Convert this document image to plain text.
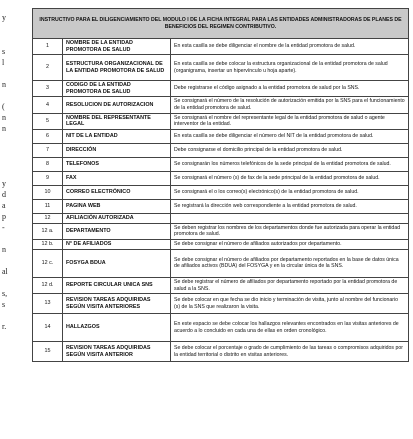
y
s
l
n
(
n
n
y
d
a
p
-
n
al
s,
s
r.
INSTRUCTIVO PARA EL DILIGENCIAMIENTO DEL MODULO I DE LA FICHA INTEGRAL PARA LAS ENTIDADES ADMINISTRADORAS DE PLANES DE BENEFICIOS DEL REGIMEN CONTRIBUTIVO.		
1	NOMBRE DE LA ENTIDAD PROMOTORA DE SALUD	En esta casilla se debe diligenciar el nombre de la entidad promotora de salud.
2	ESTRUCTURA ORGANIZACIONAL DE LA ENTIDAD PROMOTORA DE SALUD	En esta casilla se debe colocar la estructura organizacional de la entidad promotora de salud (organigrama, insertar un hipervínculo u hoja aparte).
3	CODIGO DE LA ENTIDAD PROMOTORA DE SALUD	Debe registrarse el código asignado a la entidad promotora de salud por la SNS.
4	RESOLUCION DE AUTORIZACION	Se consignará el número de la resolución de autorización emitida por la SNS para el funcionamiento de la entidad promotora de salud.
5	NOMBRE DEL REPRESENTANTE LEGAL	Se consignará el nombre del representante legal de la entidad promotora de salud o agente interventor de la entidad.
6	NIT DE LA ENTIDAD	En esta casilla se debe diligenciar el número del NIT de la entidad promotora de salud.
7	DIRECCIÓN	Debe consignarse el domicilio principal de la entidad promotora de salud.
8	TELEFONOS	Se consignarán los números telefónicos de la sede principal de la entidad promotora de salud.
9	FAX	Se consignará el número (s) de fax de la sede principal de la entidad promotora de salud.
10	CORREO ELECTRÓNICO	Se consignará el o los correo(s) electrónico(s) de la entidad promotora de salud.
11	PAGINA WEB	Se registrará la dirección web correspondiente a la entidad promotora de salud.
12	AFILIACIÓN AUTORIZADA	
12 a.	DEPARTAMENTO	Se deben registrar los nombres de los departamentos donde fue autorizada para operar la entidad promotora de salud.
12 b.	N° DE AFILIADOS	Se debe consignar el número de afiliados autorizados por departamento.
12 c.	FOSYGA BDUA	Se debe consignar el número de afiliados por departamento reportados en la base de datos única de afiliados activos (BDUA) del FOSYGA y en la circular única de la SNS.
12 d.	REPORTE CIRCULAR UNICA SNS	Se debe registrar el número de afiliados por departamento reportado por la entidad promotora de salud a la SNS.
13	REVISION TAREAS ADQUIRIDAS SEGÚN VISITA ANTERIORES	Se debe colocar en que fecha se dio inicio y terminación de visita, junto al nombre del funcionario (s) de la SNS que realizaron la visita.
14	HALLAZGOS	En este espacio se debe colocar los hallazgos relevantes encontrados en las visitas anteriores de acuerdo a lo concluido en cada una de ellas en orden cronológico.
15	REVISION TAREAS ADQUIRIDAS SEGÚN VISITA ANTERIOR	Se debe colocar el porcentaje o grado de cumplimiento de las tareas o compromisos adquiridos por la entidad territorial o distrito en visitas anteriores.
